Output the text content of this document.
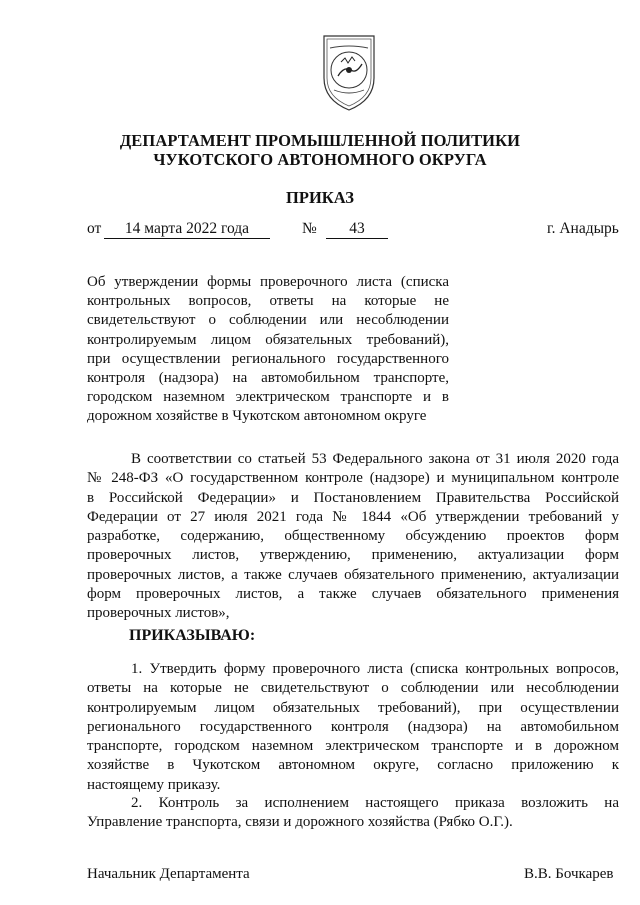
ДЕПАРТАМЕНТ ПРОМЫШЛЕННОЙ ПОЛИТИКИ
ЧУКОТСКОГО АВТОНОМНОГО ОКРУГА
ПРИКАЗ
от	14 марта 2022 года	№	43	г. Анадырь
Об утверждении формы проверочного листа (списка
контрольных вопросов, ответы на которые не
свидетельствуют о соблюдении или несоблюдении
контролируемым лицом обязательных требований),
при осуществлении регионального государственного
контроля (надзора) на автомобильном транспорте,
городском наземном электрическом транспорте и в
дорожном хозяйстве в Чукотском автономном округе
В соответствии со статьей 53 Федерального закона от 31 июля 2020 года
№ 248-ФЗ «О государственном контроле (надзоре) и муниципальном контроле
в Российской Федерации» и Постановлением Правительства Российской
Федерации от 27 июля 2021 года № 1844 «Об утверждении требований у
разработке, содержанию, общественному обсуждению проектов форм
проверочных листов, утверждению, применению, актуализации форм
проверочных листов, а также случаев обязательного применению, актуализации
форм проверочных листов, а также случаев обязательного применения
проверочных листов»,
ПРИКАЗЫВАЮ:
1. Утвердить форму проверочного листа (списка контрольных вопросов,
ответы на которые не свидетельствуют о соблюдении или несоблюдении
контролируемым лицом обязательных требований), при осуществлении
регионального государственного контроля (надзора) на автомобильном
транспорте, городском наземном электрическом транспорте и в дорожном
хозяйстве в Чукотском автономном округе, согласно приложению к
настоящему приказу.
2. Контроль за исполнением настоящего приказа возложить на
Управление транспорта, связи и дорожного хозяйства (Рябко О.Г.).
Начальник Департамента	В.В. Бочкарев
